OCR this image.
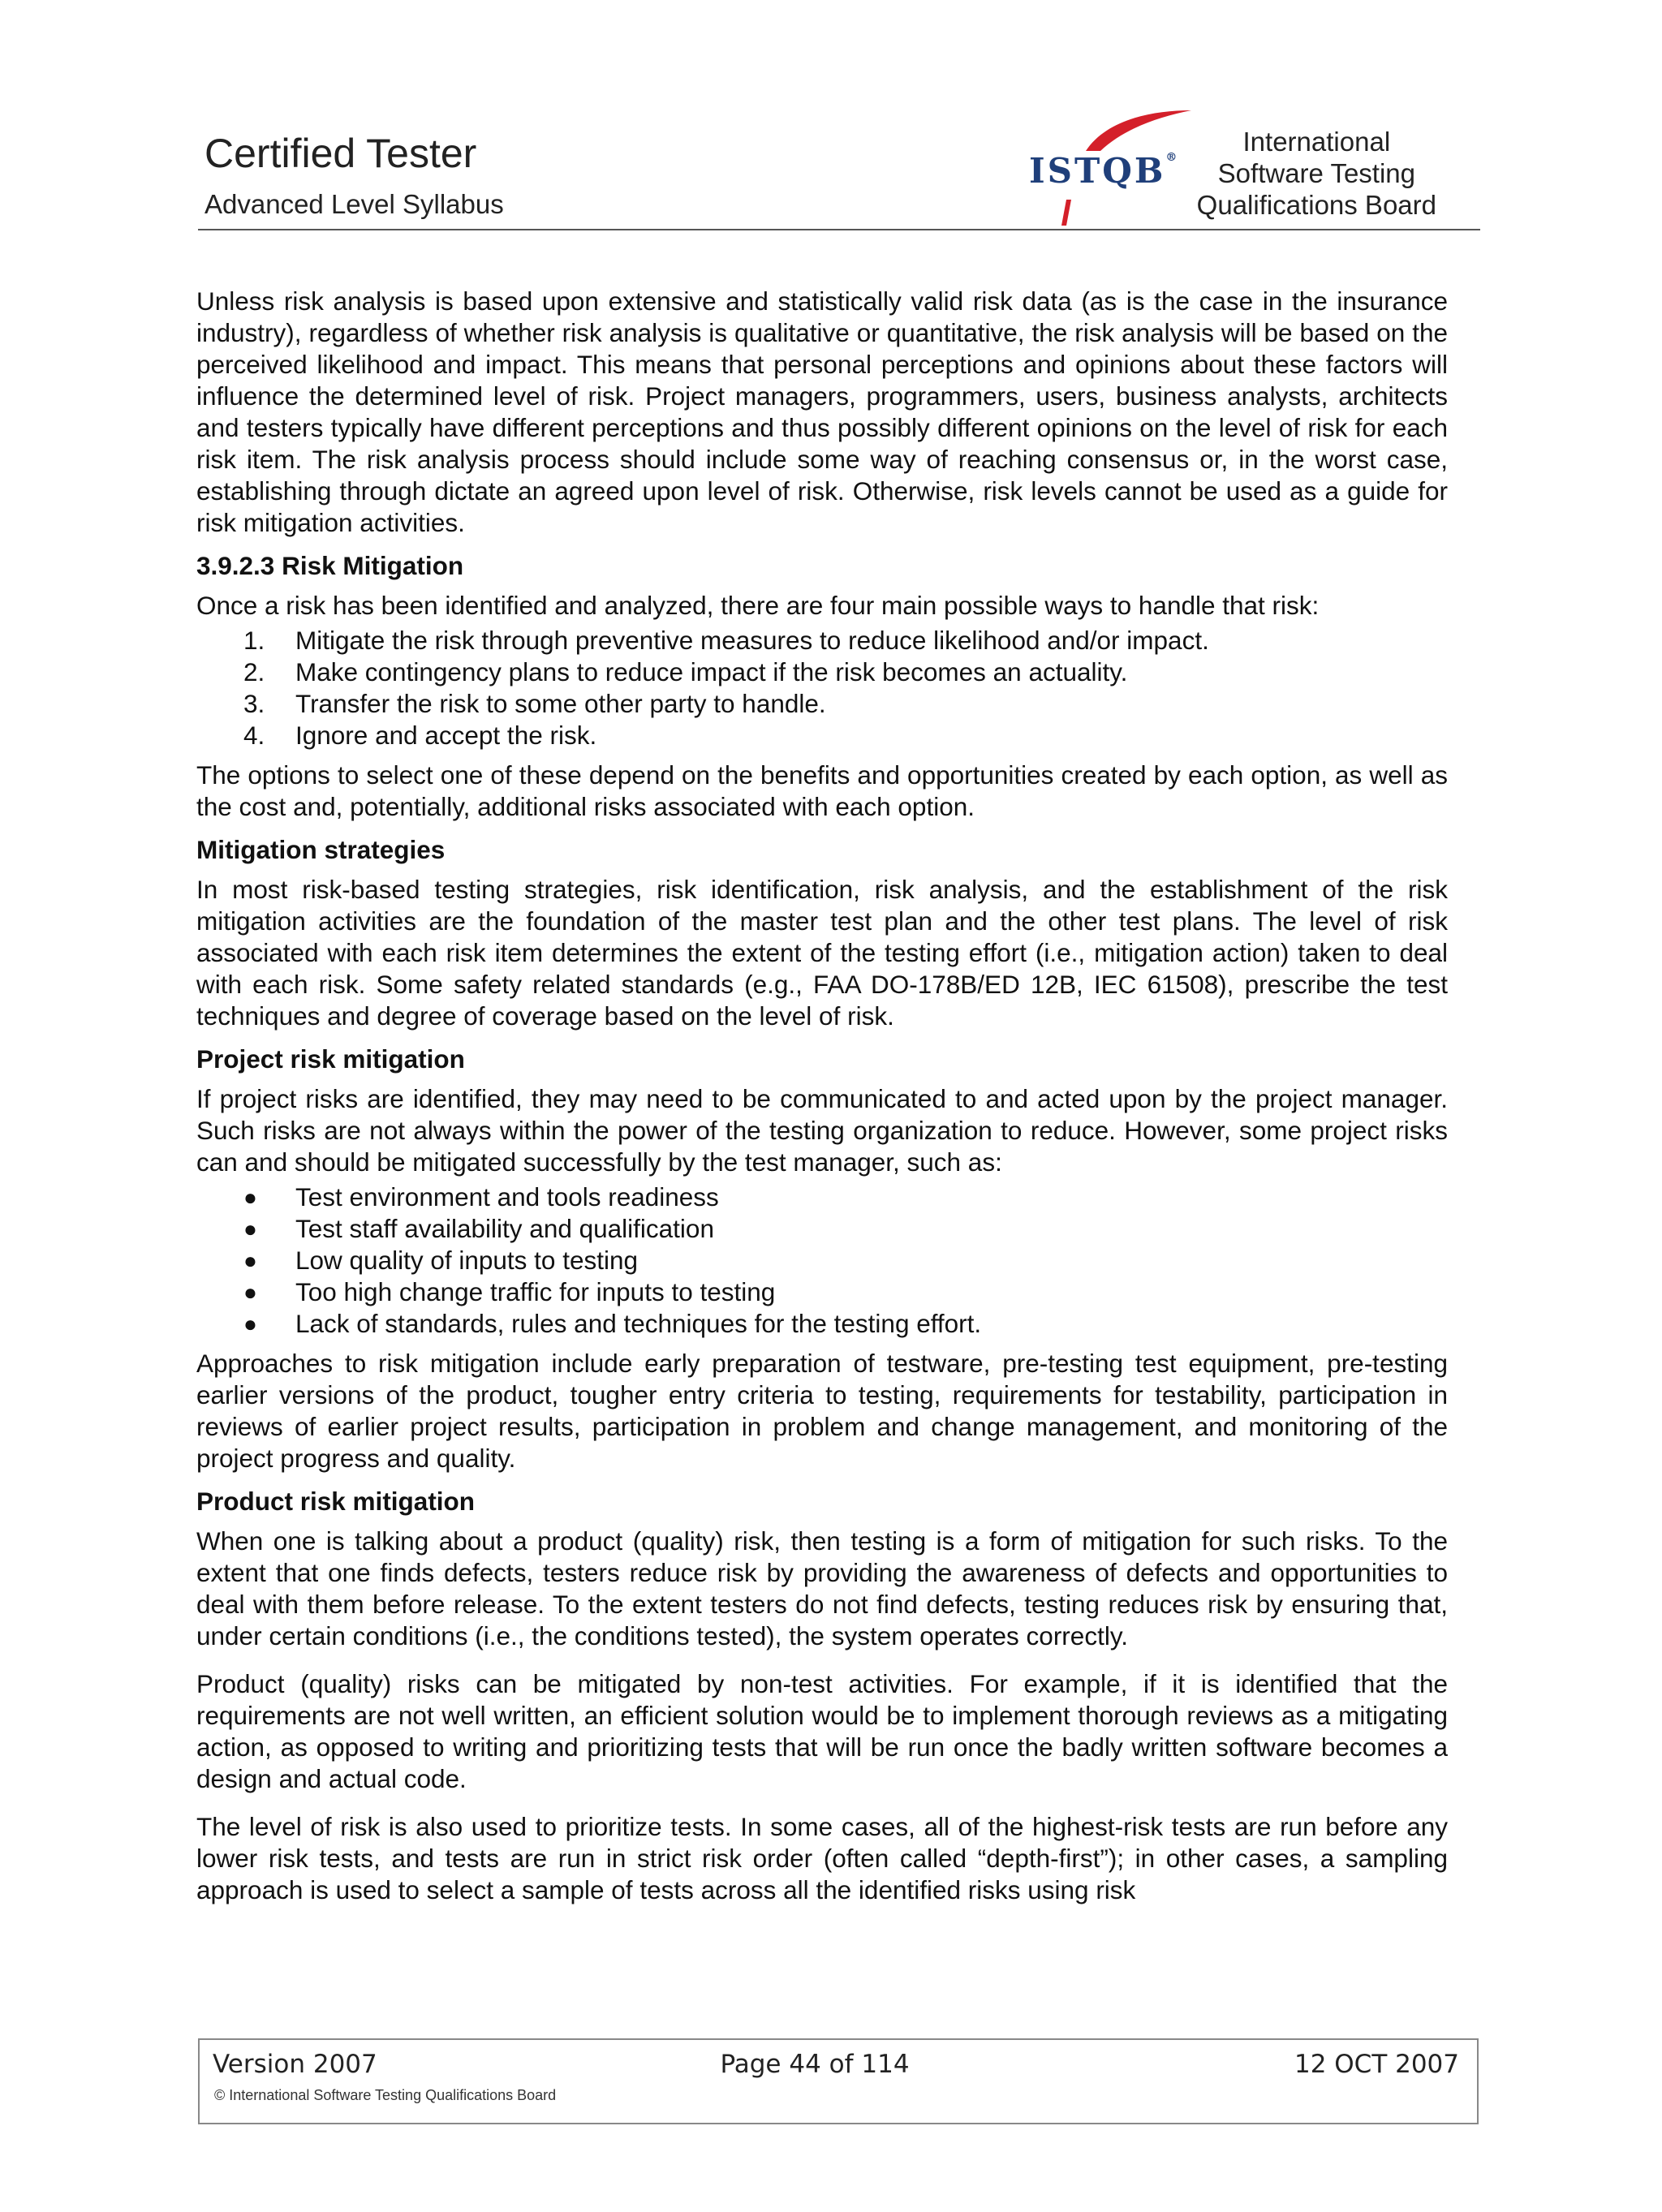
Certified Tester
Advanced Level Syllabus
ISTQB®
International
Software Testing
Qualifications Board

Unless risk analysis is based upon extensive and statistically valid risk data (as is the case in the insurance industry), regardless of whether risk analysis is qualitative or quantitative, the risk analysis will be based on the perceived likelihood and impact. This means that personal perceptions and opinions about these factors will influence the determined level of risk. Project managers, programmers, users, business analysts, architects and testers typically have different perceptions and thus possibly different opinions on the level of risk for each risk item. The risk analysis process should include some way of reaching consensus or, in the worst case, establishing through dictate an agreed upon level of risk. Otherwise, risk levels cannot be used as a guide for risk mitigation activities.

3.9.2.3 Risk Mitigation

Once a risk has been identified and analyzed, there are four main possible ways to handle that risk:

1.	Mitigate the risk through preventive measures to reduce likelihood and/or impact.
2.	Make contingency plans to reduce impact if the risk becomes an actuality.
3.	Transfer the risk to some other party to handle.
4.	Ignore and accept the risk.

The options to select one of these depend on the benefits and opportunities created by each option, as well as the cost and, potentially, additional risks associated with each option.

Mitigation strategies

In most risk-based testing strategies, risk identification, risk analysis, and the establishment of the risk mitigation activities are the foundation of the master test plan and the other test plans. The level of risk associated with each risk item determines the extent of the testing effort (i.e., mitigation action) taken to deal with each risk. Some safety related standards (e.g., FAA DO-178B/ED 12B, IEC 61508), prescribe the test techniques and degree of coverage based on the level of risk.

Project risk mitigation

If project risks are identified, they may need to be communicated to and acted upon by the project manager. Such risks are not always within the power of the testing organization to reduce. However, some project risks can and should be mitigated successfully by the test manager, such as:

● Test environment and tools readiness
● Test staff availability and qualification
● Low quality of inputs to testing
● Too high change traffic for inputs to testing
● Lack of standards, rules and techniques for the testing effort.

Approaches to risk mitigation include early preparation of testware, pre-testing test equipment, pre-testing earlier versions of the product, tougher entry criteria to testing, requirements for testability, participation in reviews of earlier project results, participation in problem and change management, and monitoring of the project progress and quality.

Product risk mitigation

When one is talking about a product (quality) risk, then testing is a form of mitigation for such risks. To the extent that one finds defects, testers reduce risk by providing the awareness of defects and opportunities to deal with them before release. To the extent testers do not find defects, testing reduces risk by ensuring that, under certain conditions (i.e., the conditions tested), the system operates correctly.

Product (quality) risks can be mitigated by non-test activities. For example, if it is identified that the requirements are not well written, an efficient solution would be to implement thorough reviews as a mitigating action, as opposed to writing and prioritizing tests that will be run once the badly written software becomes a design and actual code.

The level of risk is also used to prioritize tests. In some cases, all of the highest-risk tests are run before any lower risk tests, and tests are run in strict risk order (often called “depth-first”); in other cases, a sampling approach is used to select a sample of tests across all the identified risks using risk

Version 2007	Page 44 of 114	12 OCT 2007
© International Software Testing Qualifications Board
